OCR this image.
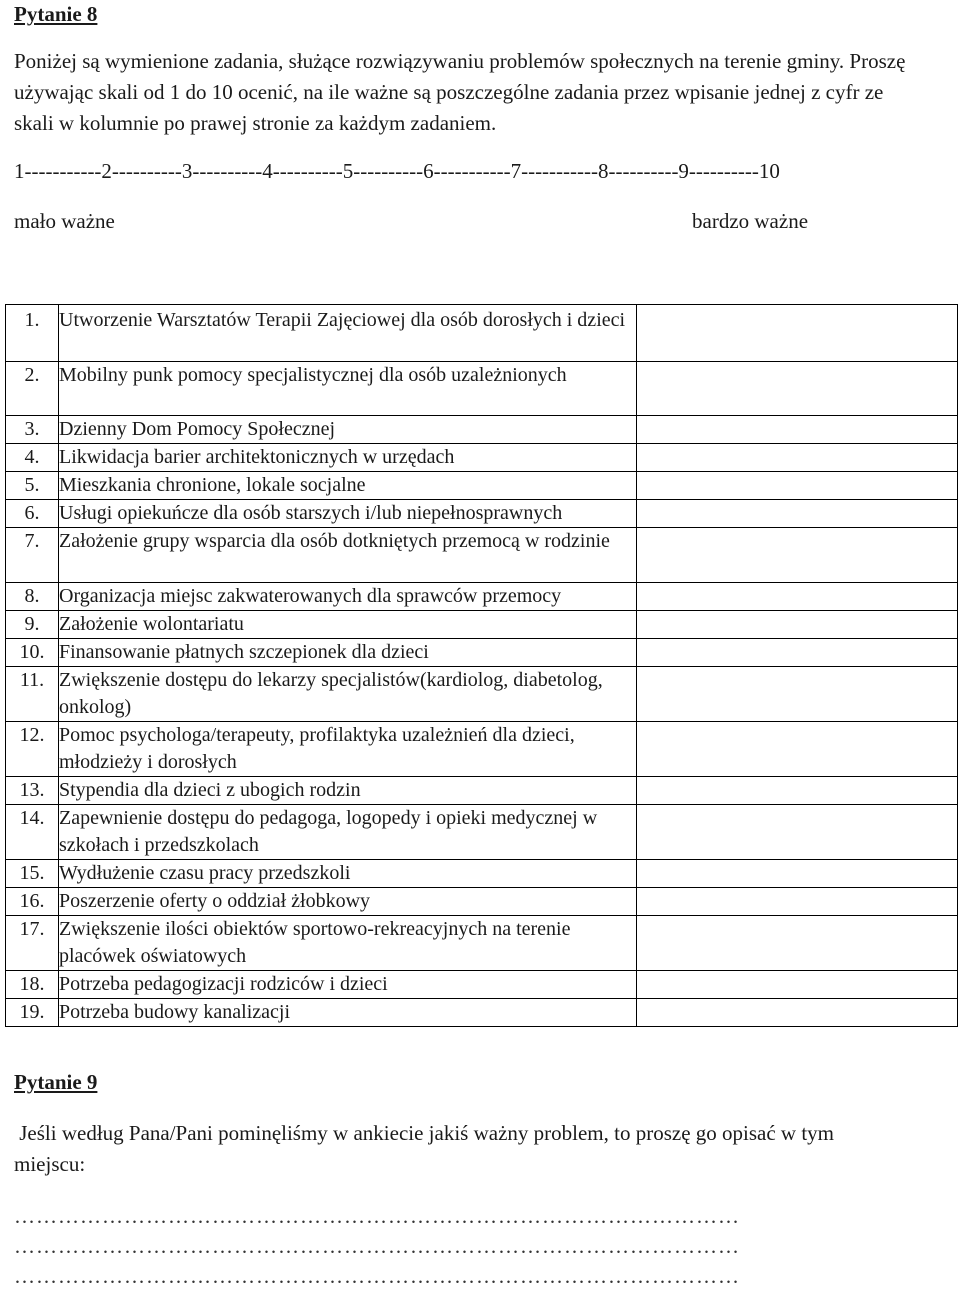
Pytanie 8

Poniżej są wymienione zadania, służące rozwiązywaniu problemów społecznych na terenie gminy. Proszę używając skali od 1 do 10 ocenić, na ile ważne są poszczególne zadania przez wpisanie jednej z cyfr ze skali w kolumnie po prawej stronie za każdym zadaniem.

1-----------2----------3----------4----------5----------6-----------7-----------8----------9----------10
mało ważne	bardzo ważne
1.	Utworzenie Warsztatów Terapii Zajęciowej dla osób dorosłych i dzieci	
2.	Mobilny punk pomocy specjalistycznej dla osób uzależnionych	
3.	Dzienny Dom Pomocy Społecznej	
4.	Likwidacja barier architektonicznych w urzędach	
5.	Mieszkania chronione, lokale socjalne	
6.	Usługi opiekuńcze dla osób starszych i/lub niepełnosprawnych	
7.	Założenie grupy wsparcia dla osób dotkniętych przemocą w rodzinie	
8.	Organizacja miejsc zakwaterowanych dla sprawców przemocy	
9.	Założenie wolontariatu	
10.	Finansowanie płatnych szczepionek dla dzieci	
11.	Zwiększenie dostępu do lekarzy specjalistów(kardiolog, diabetolog, onkolog)	
12.	Pomoc psychologa/terapeuty, profilaktyka uzależnień dla dzieci, młodzieży i dorosłych	
13.	Stypendia dla dzieci z ubogich rodzin	
14.	Zapewnienie dostępu do pedagoga, logopedy i opieki medycznej w szkołach i przedszkolach	
15.	Wydłużenie czasu pracy przedszkoli	
16.	Poszerzenie oferty o oddział żłobkowy	
17.	Zwiększenie ilości obiektów sportowo-rekreacyjnych na terenie placówek oświatowych	
18.	Potrzeba pedagogizacji rodziców i dzieci	
19.	Potrzeba budowy kanalizacji	
Pytanie 9

Jeśli według Pana/Pani pominęliśmy w ankiecie jakiś ważny problem, to proszę go opisać w tym miejscu:

………………………………………………………………………………………
………………………………………………………………………………………
………………………………………………………………………………………
